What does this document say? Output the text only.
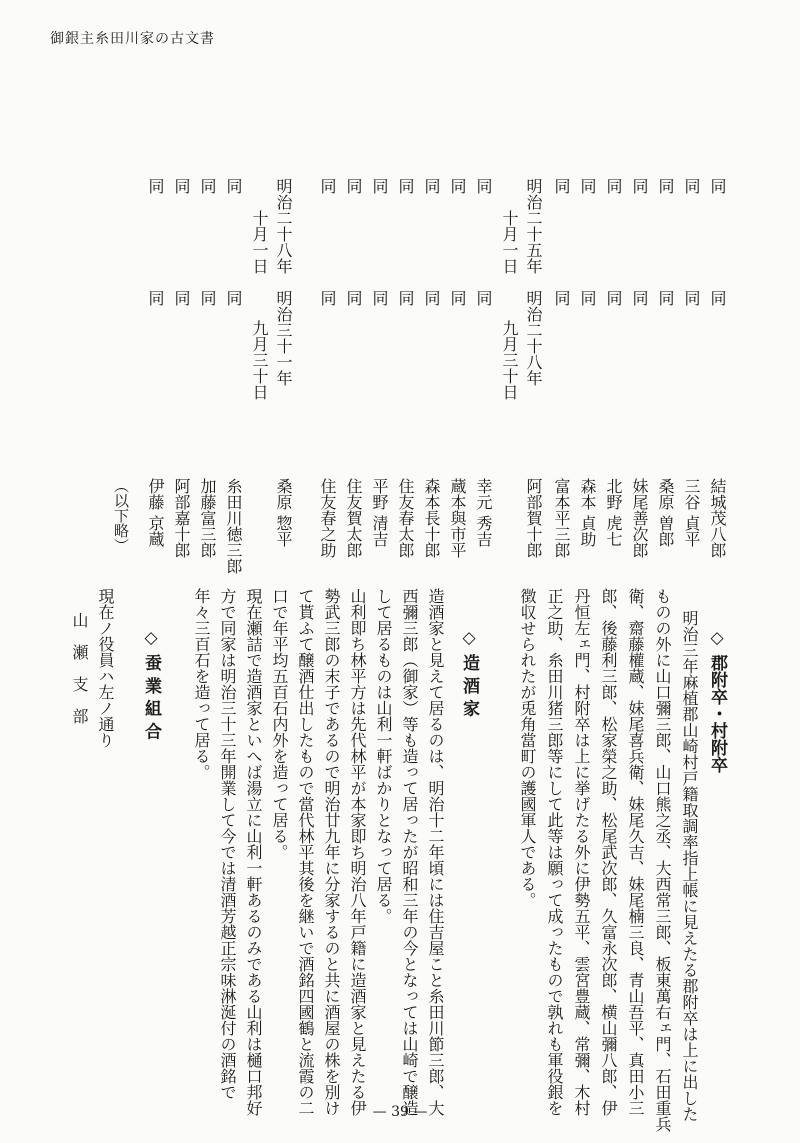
御銀主糸田川家の古文書
同
同
結城茂八郎
同
同
三谷 貞平
同
同
桑原 曽郎
同
同
妹尾善次郎
同
同
北野 虎七
同
同
森本 貞助
同
同
富本平三郎
明治二十五年
十月一日
明治二十八年
九月三十日
阿部賀十郎
同
同
幸元 秀吉
同
同
蔵本與市平
同
同
森本長十郎
同
同
住友春太郎
同
同
平野 清吉
同
同
住友賀太郎
同
同
住友春之助
明治二十八年
十月一日
明治三十一年
九月三十日
桑原 惣平
同
同
糸田川徳三郎
同
同
加藤富三郎
同
同
阿部嘉十郎
同
同
伊藤 京蔵
（以下略）
◇ 郡附卒・村附卒
明治三年麻植郡山崎村戸籍取調率指上帳に見えたる郡附卒は上に出した
ものの外に山口彌三郎、山口熊之丞、大西常三郎、板東萬右ェ門、石田重兵
衛、齋藤權蔵、妹尾喜兵衛、妹尾久吉、妹尾楠三良、青山吾平、真田小三
郎、後藤利三郎、松家榮之助、松尾武次郎、久富永次郎、横山彌八郎、伊
丹恒左ェ門、村附卒は上に挙げたる外に伊勢五平、雲宮豊蔵、常彌、木村
正之助、糸田川猪三郎等にして此等は願って成ったもので孰れも軍役銀を
徴収せられたが兎角當町の護國軍人である。
◇ 造 酒 家
造酒家と見えて居るのは、明治十二年頃には住吉屋こと糸田川節三郎、大
西彌三郎（御家）等も造って居ったが昭和三年の今となっては山崎で醸造
して居るものは山利一軒ばかりとなって居る。
山利即ち林平方は先代林平が本家即ち明治八年戸籍に造酒家と見えたる伊
勢武三郎の末子であるので明治廿九年に分家するのと共に酒屋の株を別け
て貰ふて醸酒仕出したもので當代林平其後を継いで酒銘四國鶴と流霞の二
口で年平均五百石内外を造って居る。
現在瀬詰で造酒家といへば湯立に山利一軒あるのみである山利は樋口邦好
方で同家は明治三十三年開業して今では清酒芳越正宗味淋涎付の酒銘で
年々三百石を造って居る。
◇ 蚕 業 組 合
現在ノ役員ハ左ノ通り
山　瀬　支　部
— 39 —
